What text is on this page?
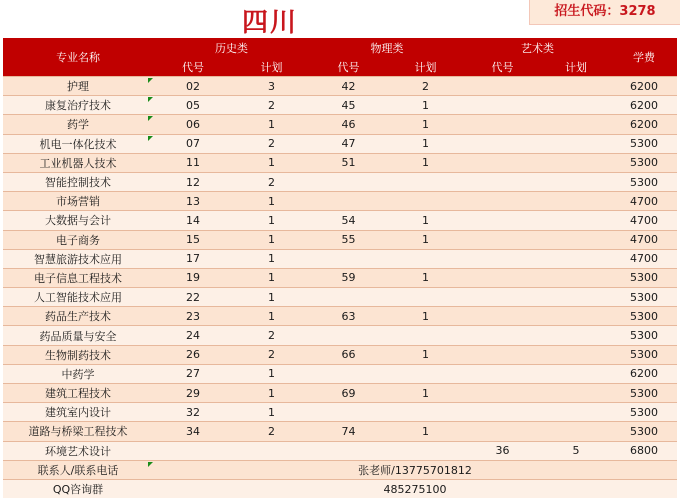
四川	招生代码：3278
专业名称	历史类		物理类		艺术类		学费
	代号	计划	代号	计划	代号	计划	
护理	02	3	42	2			6200
康复治疗技术	05	2	45	1			6200
药学	06	1	46	1			6200
机电一体化技术	07	2	47	1			5300
工业机器人技术	11	1	51	1			5300
智能控制技术	12	2					5300
市场营销	13	1					4700
大数据与会计	14	1	54	1			4700
电子商务	15	1	55	1			4700
智慧旅游技术应用	17	1					4700
电子信息工程技术	19	1	59	1			5300
人工智能技术应用	22	1					5300
药品生产技术	23	1	63	1			5300
药品质量与安全	24	2					5300
生物制药技术	26	2	66	1			5300
中药学	27	1					6200
建筑工程技术	29	1	69	1			5300
建筑室内设计	32	1					5300
道路与桥梁工程技术	34	2	74	1			5300
环境艺术设计					36	5	6800
联系人/联系电话	张老师/13775701812						
QQ咨询群	485275100						
